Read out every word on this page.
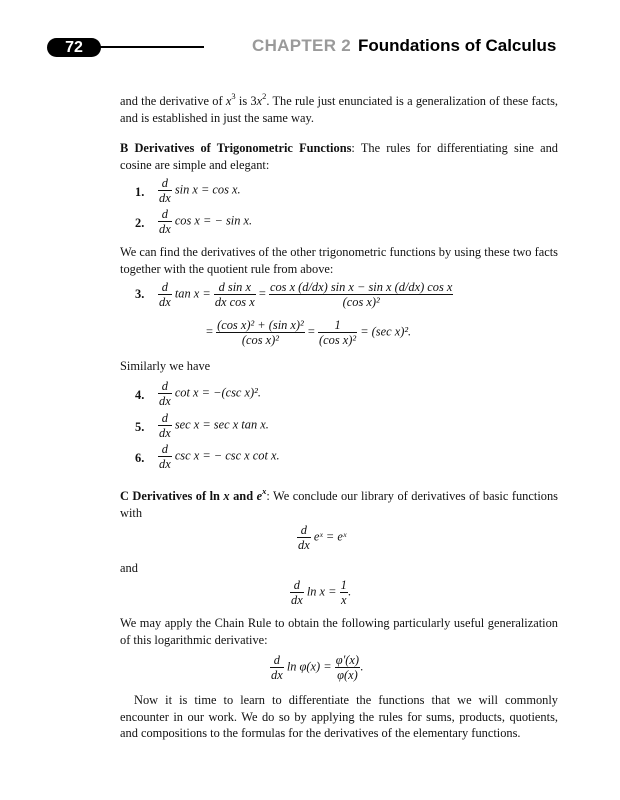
72	CHAPTER 2 Foundations of Calculus

and the derivative of $x^3$ is $3x^2$. The rule just enunciated is a generalization of these facts, and is established in just the same way.

B Derivatives of Trigonometric Functions: The rules for differentiating sine and cosine are simple and elegant:

1. $\frac{d}{dx}$ sin x = cos x.
2. $\frac{d}{dx}$ cos x = − sin x.

We can find the derivatives of the other trigonometric functions by using these two facts together with the quotient rule from above:

3. $\frac{d}{dx}$ $\tan x = \frac{\text{d sin x}}{\text{dx cos x}} = \frac{\text{cos x (d/dx) sin x − sin x (d/dx) cos x}}{\text{(cos x)²}}$
= $\frac{\text{(cos x)² + (sin x)²}}{\text{(cos x)²}} = \frac{1}{\text{(cos x)²}} = (\sec$ x)².

Similarly we have

4. $\frac{d}{dx}$ cot x = −(csc x)².
5. $\frac{d}{dx}$ sec x = sec x tan x.
6. $\frac{d}{dx}$ csc x = − csc x cot x.

C Derivatives of ln x and $e^x$: We conclude our library of derivatives of basic functions with

$\frac{d}{dx}$ eˣ = eˣ

and

$\frac{d}{dx}$ $\ln x = \frac{1}{x}$ .

We may apply the Chain Rule to obtain the following particularly useful generalization of this logarithmic derivative:

$\frac{d}{dx}$ $\ln \varphi(x) = \frac{\varphi'(x)}{\varphi(x)}$ .

Now it is time to learn to differentiate the functions that we will commonly encounter in our work. We do so by applying the rules for sums, products, quotients, and compositions to the formulas for the derivatives of the elementary functions.
